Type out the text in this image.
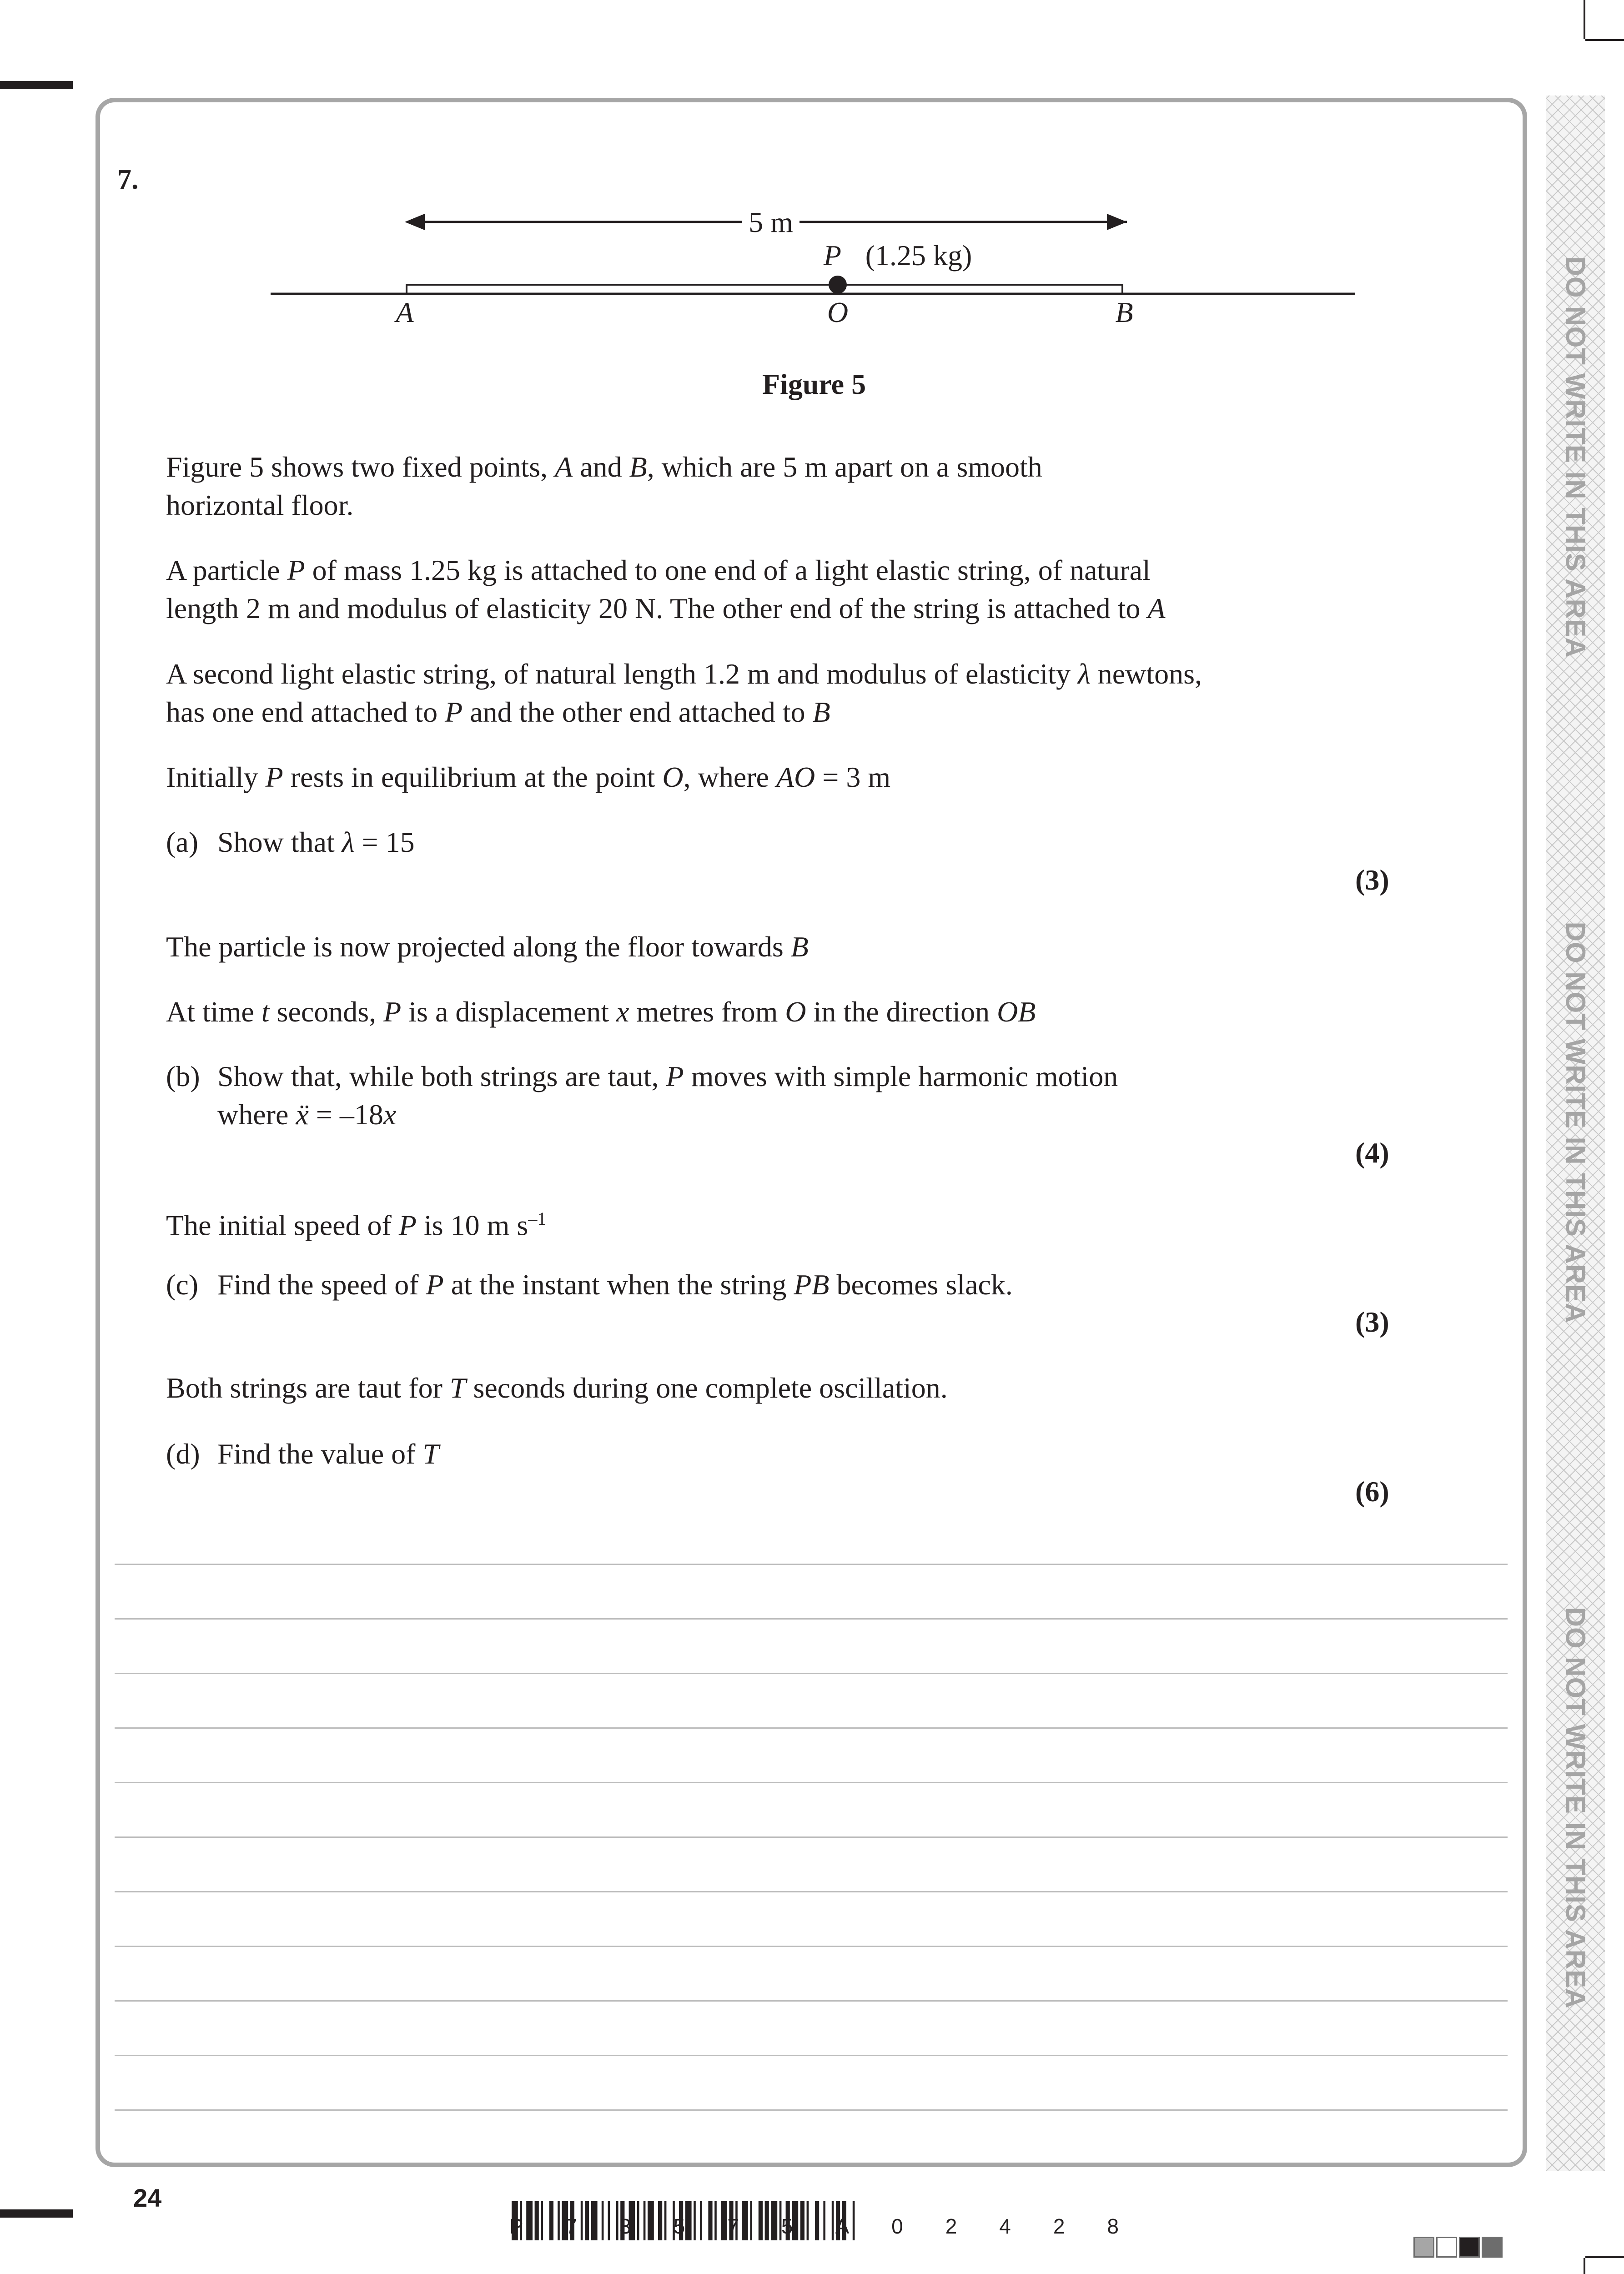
7.
5 m
P (1.25 kg)
A	O	B
Figure 5
Figure 5 shows two fixed points, A and B, which are 5 m apart on a smooth
horizontal floor.
A particle P of mass 1.25 kg is attached to one end of a light elastic string, of natural
length 2 m and modulus of elasticity 20 N. The other end of the string is attached to A
A second light elastic string, of natural length 1.2 m and modulus of elasticity λ newtons,
has one end attached to P and the other end attached to B
Initially P rests in equilibrium at the point O, where AO = 3 m
(a) Show that λ = 15
(3)
The particle is now projected along the floor towards B
At time t seconds, P is a displacement x metres from O in the direction OB
(b) Show that, while both strings are taut, P moves with simple harmonic motion
where ẍ = –18x
(4)
The initial speed of P is 10 m $s^{-1}$
(c) Find the speed of P at the instant when the string PB becomes slack.
(3)
Both strings are taut for T seconds during one complete oscillation.
(d) Find the value of T
(6)
DO NOT WRITE IN THIS AREA
DO NOT WRITE IN THIS AREA
DO NOT WRITE IN THIS AREA
24
P 7 3 5 7 5 A 0 2 4 2 8
